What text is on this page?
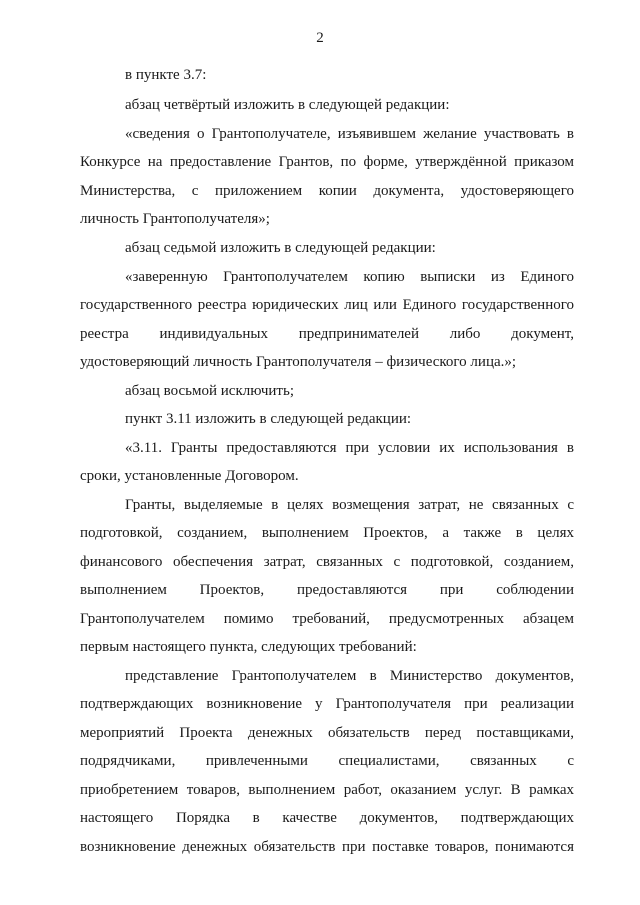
2
в пункте 3.7:
абзац четвёртый изложить в следующей редакции:
«сведения о Грантополучателе, изъявившем желание участвовать в
Конкурсе на предоставление Грантов, по форме, утверждённой приказом
Министерства, с приложением копии документа, удостоверяющего
личность Грантополучателя»;
абзац седьмой изложить в следующей редакции:
«заверенную Грантополучателем копию выписки из Единого
государственного реестра юридических лиц или Единого государственного
реестра индивидуальных предпринимателей либо документ,
удостоверяющий личность Грантополучателя – физического лица.»;
абзац восьмой исключить;
пункт 3.11 изложить в следующей редакции:
«3.11. Гранты предоставляются при условии их использования в
сроки, установленные Договором.
Гранты, выделяемые в целях возмещения затрат, не связанных с
подготовкой, созданием, выполнением Проектов, а также в целях
финансового обеспечения затрат, связанных с подготовкой, созданием,
выполнением Проектов, предоставляются при соблюдении
Грантополучателем помимо требований, предусмотренных абзацем
первым настоящего пункта, следующих требований:
представление Грантополучателем в Министерство документов,
подтверждающих возникновение у Грантополучателя при реализации
мероприятий Проекта денежных обязательств перед поставщиками,
подрядчиками, привлеченными специалистами, связанных с
приобретением товаров, выполнением работ, оказанием услуг. В рамках
настоящего Порядка в качестве документов, подтверждающих
возникновение денежных обязательств при поставке товаров, понимаются
